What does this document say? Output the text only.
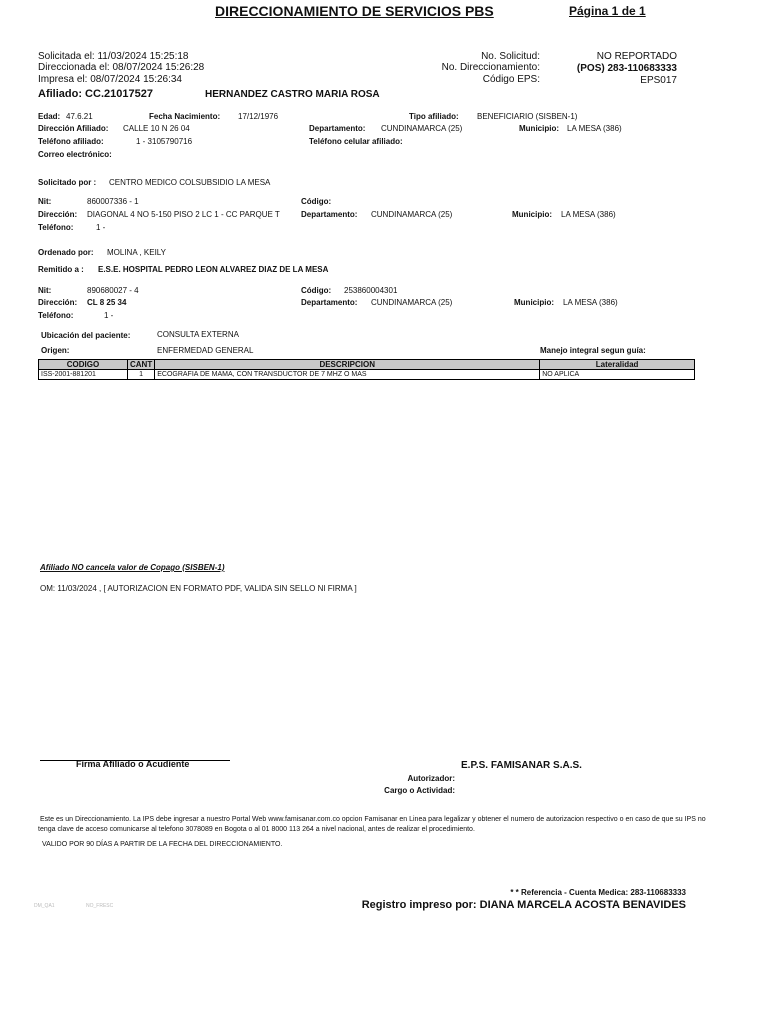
DIRECCIONAMIENTO DE SERVICIOS PBS	Página 1 de 1
Solicitada el: 11/03/2024 15:25:18
Direccionada el: 08/07/2024 15:26:28
Impresa el: 08/07/2024 15:26:34
No. Solicitud:	NO REPORTADO
No. Direccionamiento:	(POS) 283-110683333
Código EPS:	EPS017
Afiliado: CC.21017527	HERNANDEZ CASTRO MARIA ROSA
Edad: 47.6.21	Fecha Nacimiento: 17/12/1976	Tipo afiliado: BENEFICIARIO (SISBEN-1)
Dirección Afiliado: CALLE 10 N 26 04	Departamento: CUNDINAMARCA (25)	Municipio: LA MESA (386)
Teléfono afiliado:	1 - 3105790716	Teléfono celular afiliado:
Correo electrónico:
Solicitado por : CENTRO MEDICO COLSUBSIDIO LA MESA
Nit:	860007336 - 1	Código:
Dirección: DIAGONAL 4 NO 5-150 PISO 2 LC 1 - CC PARQUE T	Departamento: CUNDINAMARCA (25)	Municipio: LA MESA (386)
Teléfono:	1 -
Ordenado por: MOLINA , KEILY
Remitido a : E.S.E. HOSPITAL PEDRO LEON ALVAREZ DIAZ DE LA MESA
Nit:	890680027 - 4	Código: 253860004301
Dirección: CL 8 25 34	Departamento: CUNDINAMARCA (25)	Municipio: LA MESA (386)
Teléfono:	1 -
Ubicación del paciente:	CONSULTA EXTERNA
Origen:	ENFERMEDAD GENERAL	Manejo integral segun guía:
CODIGO	CANT	DESCRIPCION	Lateralidad
ISS-2001-881201	1	ECOGRAFIA DE MAMA, CON TRANSDUCTOR DE 7 MHZ O MAS	NO APLICA
Afiliado NO cancela valor de Copago (SISBEN-1)
OM: 11/03/2024 , [ AUTORIZACION EN FORMATO PDF, VALIDA SIN SELLO NI FIRMA ]
Firma Afiliado o Acudiente	E.P.S. FAMISANAR S.A.S.
Autorizador:
Cargo o Actividad:
Este es un Direccionamiento. La IPS debe ingresar a nuestro Portal Web www.famisanar.com.co opcion Famisanar en Linea para legalizar y obtener el numero de autorizacion respectivo o en caso de que su IPS no
tenga clave de acceso comunicarse al telefono 3078089 en Bogota o al 01 8000 113 264 a nivel nacional, antes de realizar el procedimiento.
VALIDO POR 90 DÍAS A PARTIR DE LA FECHA DEL DIRECCIONAMIENTO.
* * Referencia - Cuenta Medica: 283-110683333
Registro impreso por: DIANA MARCELA ACOSTA BENAVIDES
DM_QA1	NO_FRESC
